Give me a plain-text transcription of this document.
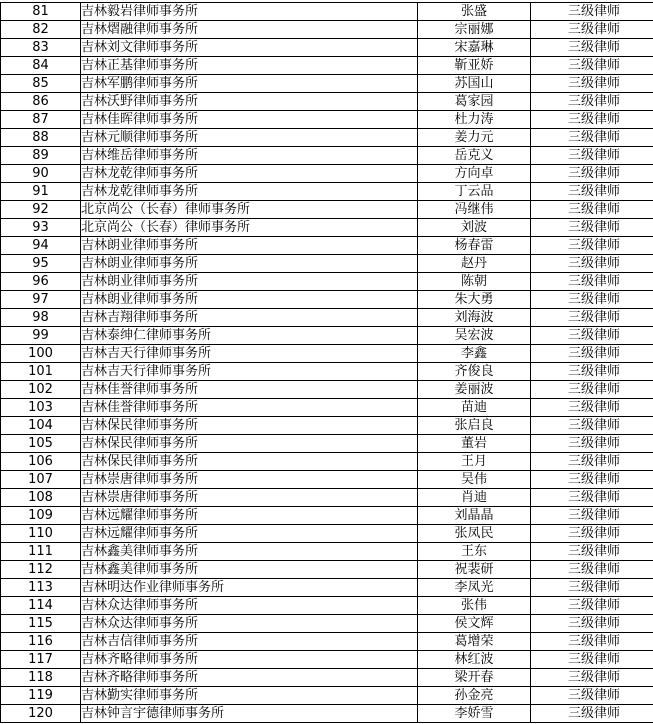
81	吉林毅岩律师事务所	张盛	三级律师
82	吉林熠融律师事务所	宗丽娜	三级律师
83	吉林刘文律师事务所	宋嘉琳	三级律师
84	吉林正基律师事务所	靳亚娇	三级律师
85	吉林军鹏律师事务所	苏国山	三级律师
86	吉林沃野律师事务所	葛家园	三级律师
87	吉林佳晖律师事务所	杜力涛	三级律师
88	吉林元顺律师事务所	姜力元	三级律师
89	吉林维岳律师事务所	岳克义	三级律师
90	吉林龙乾律师事务所	方向卓	三级律师
91	吉林龙乾律师事务所	丁云品	三级律师
92	北京尚公（长春）律师事务所	冯继伟	三级律师
93	北京尚公（长春）律师事务所	刘波	三级律师
94	吉林朗业律师事务所	杨春雷	三级律师
95	吉林朗业律师事务所	赵丹	三级律师
96	吉林朗业律师事务所	陈朝	三级律师
97	吉林朗业律师事务所	朱大勇	三级律师
98	吉林吉翔律师事务所	刘海波	三级律师
99	吉林泰绅仁律师事务所	吴宏波	三级律师
100	吉林吉天行律师事务所	李鑫	三级律师
101	吉林吉天行律师事务所	齐俊良	三级律师
102	吉林佳誉律师事务所	姜丽波	三级律师
103	吉林佳誉律师事务所	苗迪	三级律师
104	吉林保民律师事务所	张启良	三级律师
105	吉林保民律师事务所	董岩	三级律师
106	吉林保民律师事务所	王月	三级律师
107	吉林崇唐律师事务所	吴伟	三级律师
108	吉林崇唐律师事务所	肖迪	三级律师
109	吉林远耀律师事务所	刘晶晶	三级律师
110	吉林远耀律师事务所	张凤民	三级律师
111	吉林鑫美律师事务所	王东	三级律师
112	吉林鑫美律师事务所	祝裴研	三级律师
113	吉林明达作业律师事务所	李凤光	三级律师
114	吉林众达律师事务所	张伟	三级律师
115	吉林众达律师事务所	侯文辉	三级律师
116	吉林吉信律师事务所	葛增荣	三级律师
117	吉林齐略律师事务所	林红波	三级律师
118	吉林齐略律师事务所	梁开春	三级律师
119	吉林勤实律师事务所	孙金亮	三级律师
120	吉林钟言宇德律师事务所	李娇雪	三级律师
